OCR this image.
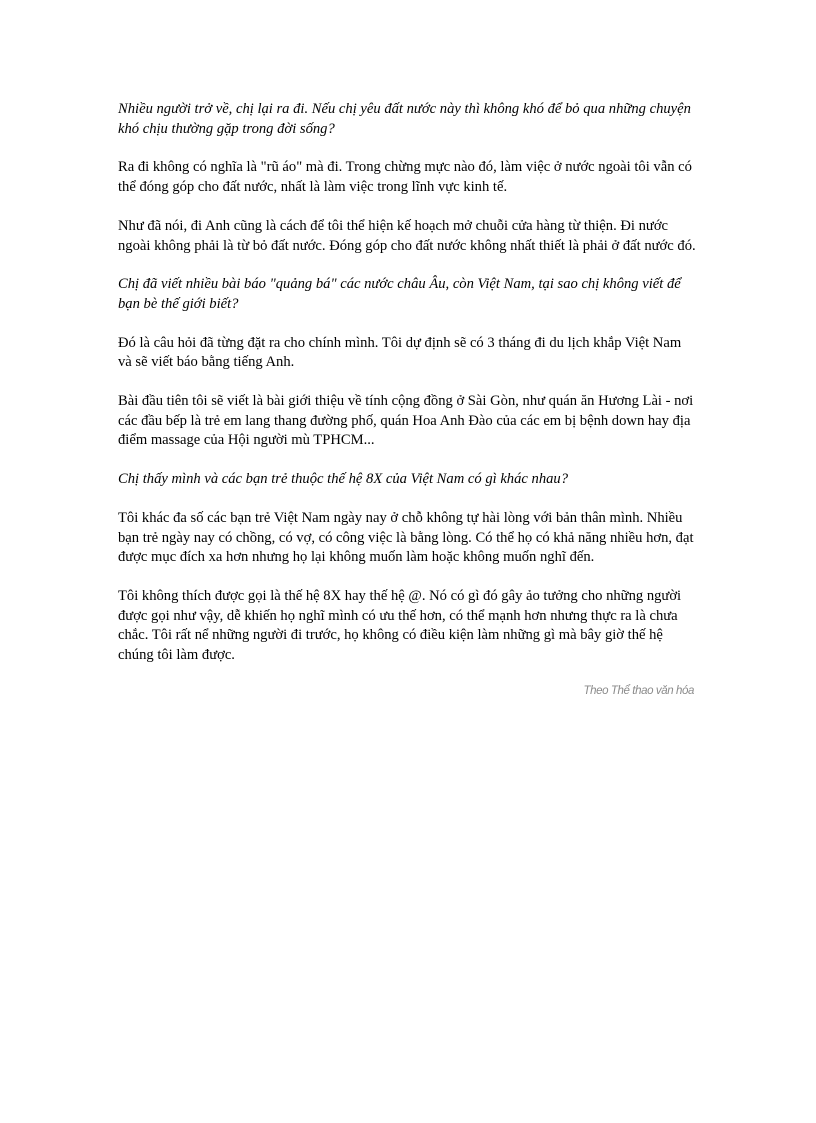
Nhiều người trở về, chị lại ra đi. Nếu chị yêu đất nước này thì không khó để bỏ qua những chuyện khó chịu thường gặp trong đời sống?

Ra đi không có nghĩa là "rũ áo" mà đi. Trong chừng mực nào đó, làm việc ở nước ngoài tôi vẫn có thể đóng góp cho đất nước, nhất là làm việc trong lĩnh vực kinh tế.

Như đã nói, đi Anh cũng là cách để tôi thể hiện kế hoạch mở chuỗi cửa hàng từ thiện. Đi nước ngoài không phải là từ bỏ đất nước. Đóng góp cho đất nước không nhất thiết là phải ở đất nước đó.

Chị đã viết nhiều bài báo "quảng bá" các nước châu Âu, còn Việt Nam, tại sao chị không viết để bạn bè thế giới biết?

Đó là câu hỏi đã từng đặt ra cho chính mình. Tôi dự định sẽ có 3 tháng đi du lịch khắp Việt Nam và sẽ viết báo bằng tiếng Anh.

Bài đầu tiên tôi sẽ viết là bài giới thiệu về tính cộng đồng ở Sài Gòn, như quán ăn Hương Lài - nơi các đầu bếp là trẻ em lang thang đường phố, quán Hoa Anh Đào của các em bị bệnh down hay địa điểm massage của Hội người mù TPHCM...

Chị thấy mình và các bạn trẻ thuộc thế hệ 8X của Việt Nam có gì khác nhau?

Tôi khác đa số các bạn trẻ Việt Nam ngày nay ở chỗ không tự hài lòng với bản thân mình. Nhiều bạn trẻ ngày nay có chồng, có vợ, có công việc là bằng lòng. Có thể họ có khả năng nhiều hơn, đạt được mục đích xa hơn nhưng họ lại không muốn làm hoặc không muốn nghĩ đến.

Tôi không thích được gọi là thế hệ 8X hay thế hệ @. Nó có gì đó gây ảo tưởng cho những người được gọi như vậy, dễ khiến họ nghĩ mình có ưu thế hơn, có thể mạnh hơn nhưng thực ra là chưa chắc. Tôi rất nể những người đi trước, họ không có điều kiện làm những gì mà bây giờ thế hệ chúng tôi làm được.

Theo Thể thao văn hóa
